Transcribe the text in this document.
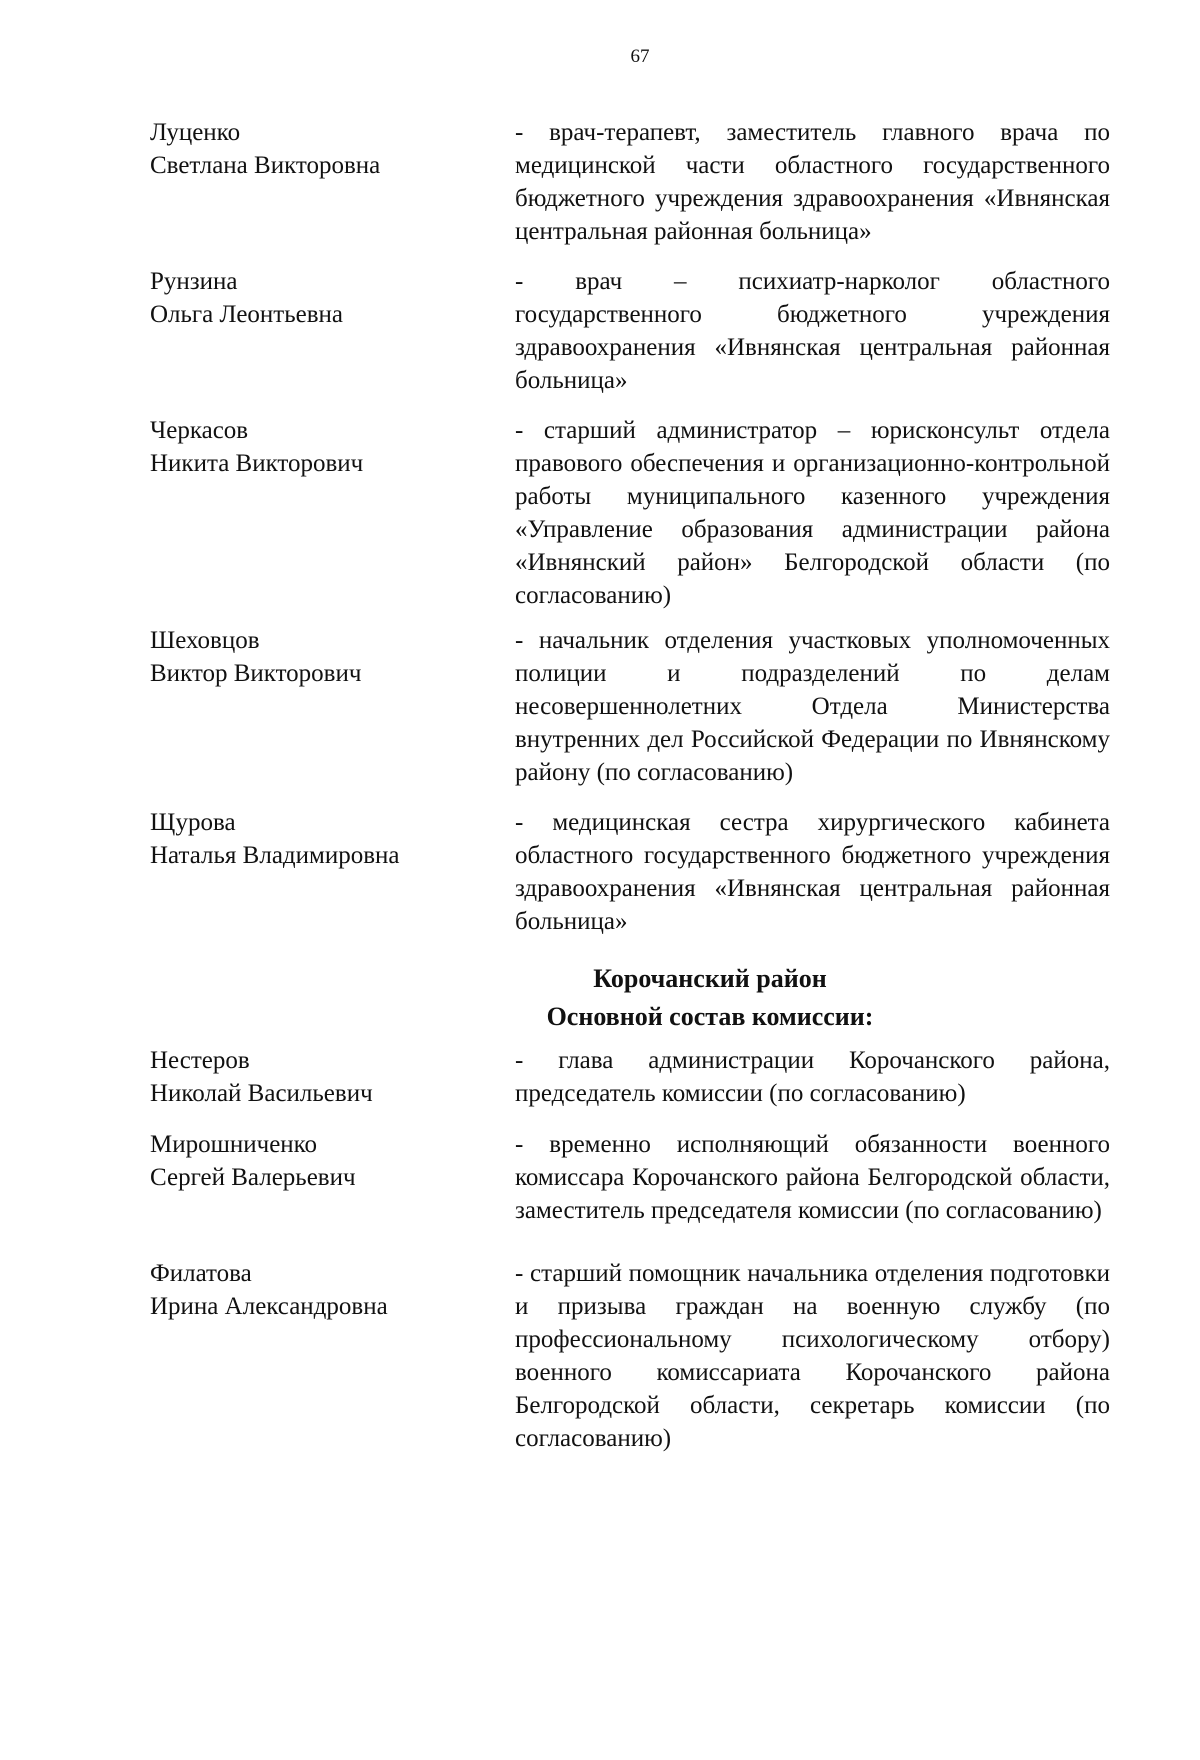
67
Луценко
Светлана Викторовна
- врач-терапевт, заместитель главного врача по медицинской части областного государственного бюджетного учреждения здравоохранения «Ивнянская центральная районная больница»
Рунзина
Ольга Леонтьевна
- врач – психиатр-нарколог областного государственного бюджетного учреждения здравоохранения «Ивнянская центральная районная больница»
Черкасов
Никита Викторович
- старший администратор – юрисконсульт отдела правового обеспечения и организационно-контрольной работы муниципального казенного учреждения «Управление образования администрации района «Ивнянский район» Белгородской области (по согласованию)
Шеховцов
Виктор Викторович
- начальник отделения участковых уполномоченных полиции и подразделений по делам несовершеннолетних Отдела Министерства внутренних дел Российской Федерации по Ивнянскому району (по согласованию)
Щурова
Наталья Владимировна
- медицинская сестра хирургического кабинета областного государственного бюджетного учреждения здравоохранения «Ивнянская центральная районная больница»
Корочанский район
Основной состав комиссии:
Нестеров
Николай Васильевич
- глава администрации Корочанского района, председатель комиссии (по согласованию)
Мирошниченко
Сергей Валерьевич
- временно исполняющий обязанности военного комиссара Корочанского района Белгородской области, заместитель председателя комиссии (по согласованию)
Филатова
Ирина Александровна
- старший помощник начальника отделения подготовки и призыва граждан на военную службу (по профессиональному психологическому отбору) военного комиссариата Корочанского района Белгородской области, секретарь комиссии (по согласованию)
